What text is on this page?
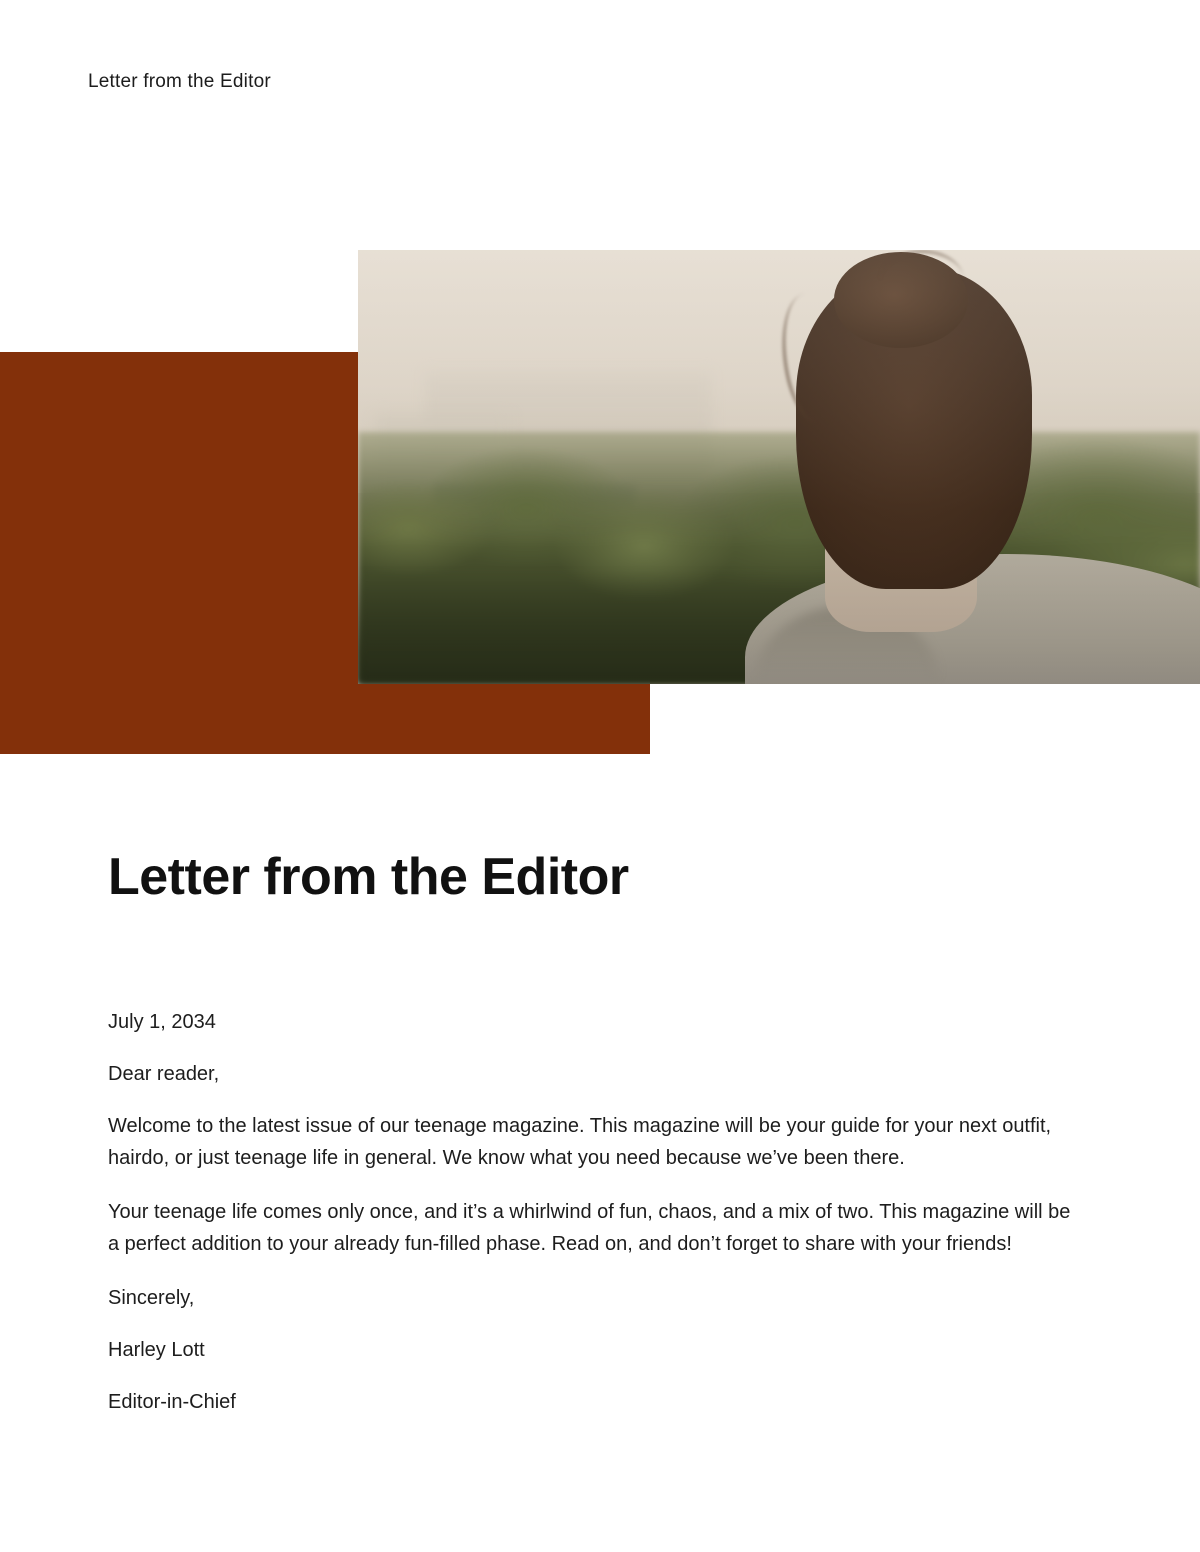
Letter from the Editor
Letter from the Editor

July 1, 2034

Dear reader,

Welcome to the latest issue of our teenage magazine. This magazine will be your guide for your next outfit, hairdo, or just teenage life in general. We know what you need because we’ve been there.

Your teenage life comes only once, and it’s a whirlwind of fun, chaos, and a mix of two. This magazine will be a perfect addition to your already fun-filled phase. Read on, and don’t forget to share with your friends!

Sincerely,

Harley Lott

Editor-in-Chief
